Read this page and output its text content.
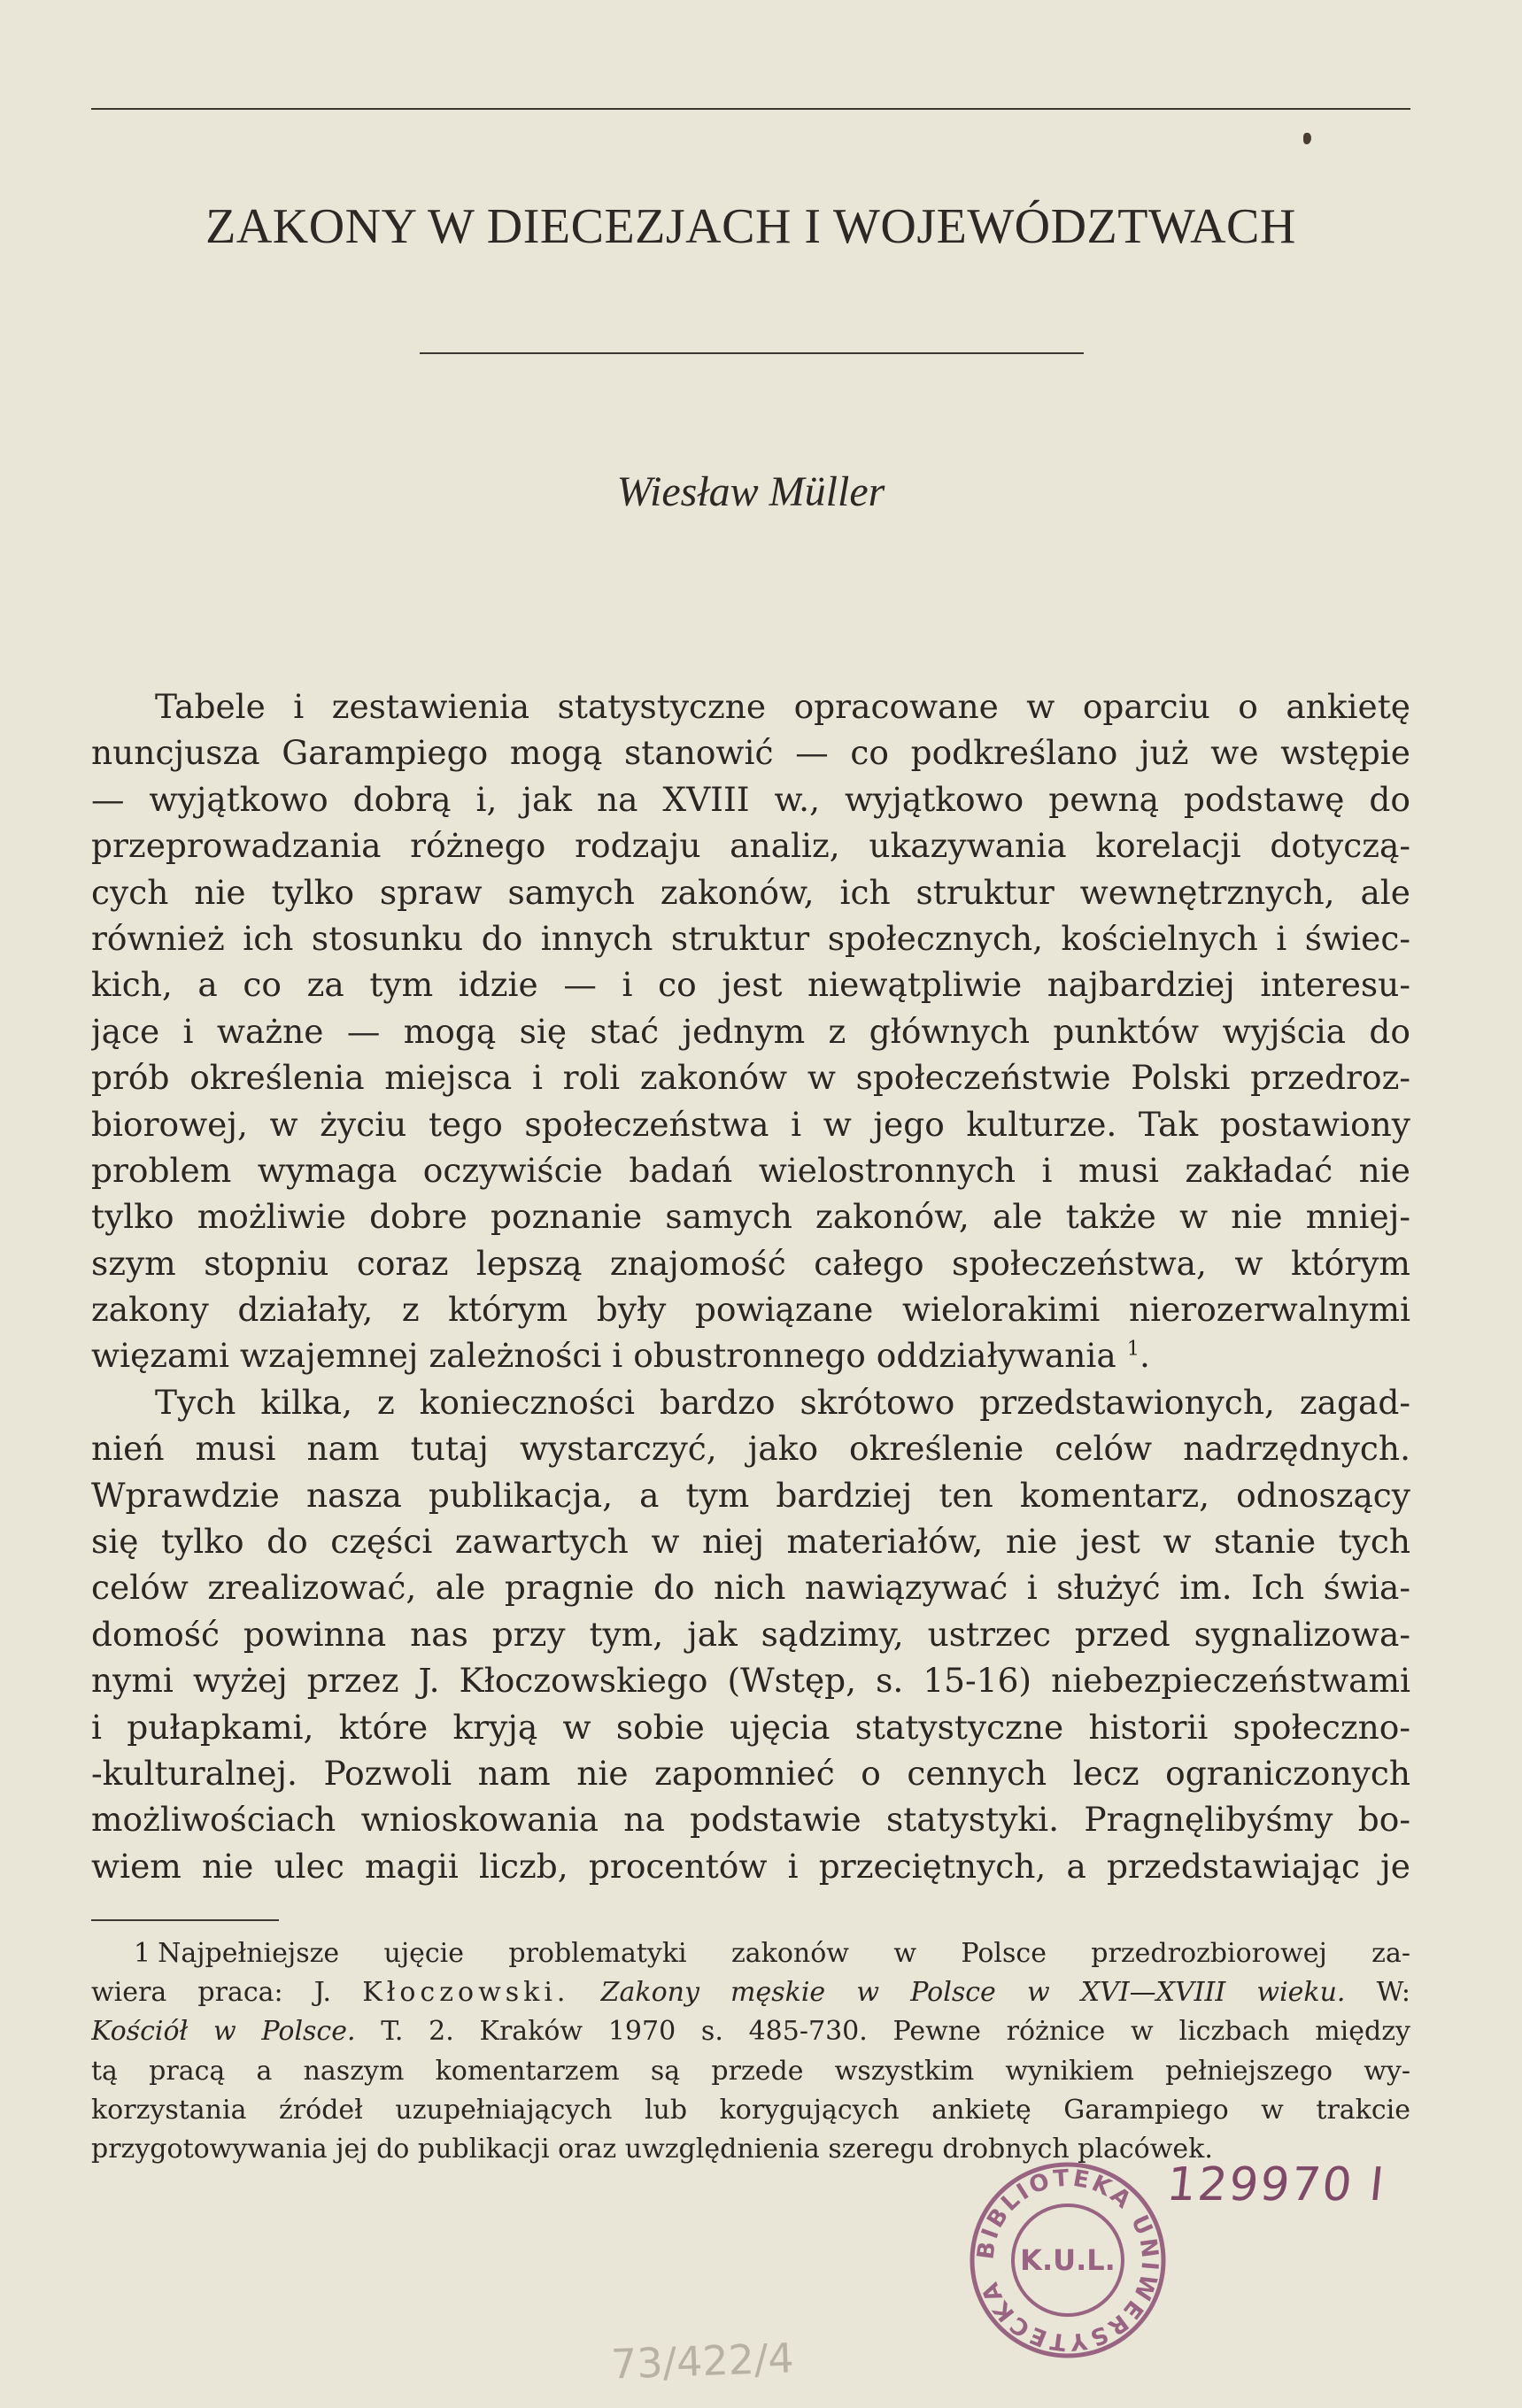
ZAKONY W DIECEZJACH I WOJEWÓDZTWACH
Wiesław Müller
Tabele i zestawienia statystyczne opracowane w oparciu o ankietę
nuncjusza Garampiego mogą stanowić — co podkreślano już we wstępie
— wyjątkowo dobrą i, jak na XVIII w., wyjątkowo pewną podstawę do
przeprowadzania różnego rodzaju analiz, ukazywania korelacji dotyczą-
cych nie tylko spraw samych zakonów, ich struktur wewnętrznych, ale
również ich stosunku do innych struktur społecznych, kościelnych i świec-
kich, a co za tym idzie — i co jest niewątpliwie najbardziej interesu-
jące i ważne — mogą się stać jednym z głównych punktów wyjścia do
prób określenia miejsca i roli zakonów w społeczeństwie Polski przedroz-
biorowej, w życiu tego społeczeństwa i w jego kulturze. Tak postawiony
problem wymaga oczywiście badań wielostronnych i musi zakładać nie
tylko możliwie dobre poznanie samych zakonów, ale także w nie mniej-
szym stopniu coraz lepszą znajomość całego społeczeństwa, w którym
zakony działały, z którym były powiązane wielorakimi nierozerwalnymi
więzami wzajemnej zależności i obustronnego oddziaływania $^1$.
Tych kilka, z konieczności bardzo skrótowo przedstawionych, zagad-
nień musi nam tutaj wystarczyć, jako określenie celów nadrzędnych.
Wprawdzie nasza publikacja, a tym bardziej ten komentarz, odnoszący
się tylko do części zawartych w niej materiałów, nie jest w stanie tych
celów zrealizować, ale pragnie do nich nawiązywać i służyć im. Ich świa-
domość powinna nas przy tym, jak sądzimy, ustrzec przed sygnalizowa-
nymi wyżej przez J. Kłoczowskiego (Wstęp, s. 15-16) niebezpieczeństwami
i pułapkami, które kryją w sobie ujęcia statystyczne historii społeczno-
-kulturalnej. Pozwoli nam nie zapomnieć o cennych lecz ograniczonych
możliwościach wnioskowania na podstawie statystyki. Pragnęlibyśmy bo-
wiem nie ulec magii liczb, procentów i przeciętnych, a przedstawiając je
1 Najpełniejsze ujęcie problematyki zakonów w Polsce przedrozbiorowej za-
wiera praca: J. Kłoczowski. Zakony męskie w Polsce w XVI—XVIII wieku. W:
Kościół w Polsce. T. 2. Kraków 1970 s. 485-730. Pewne różnice w liczbach między
tą pracą a naszym komentarzem są przede wszystkim wynikiem pełniejszego wy-
korzystania źródeł uzupełniających lub korygujących ankietę Garampiego w trakcie
przygotowywania jej do publikacji oraz uwzględnienia szeregu drobnych placówek.
129970 I
73/422/4
BIBLIOTEKA UNIWERSYTECKA
K.U.L.
